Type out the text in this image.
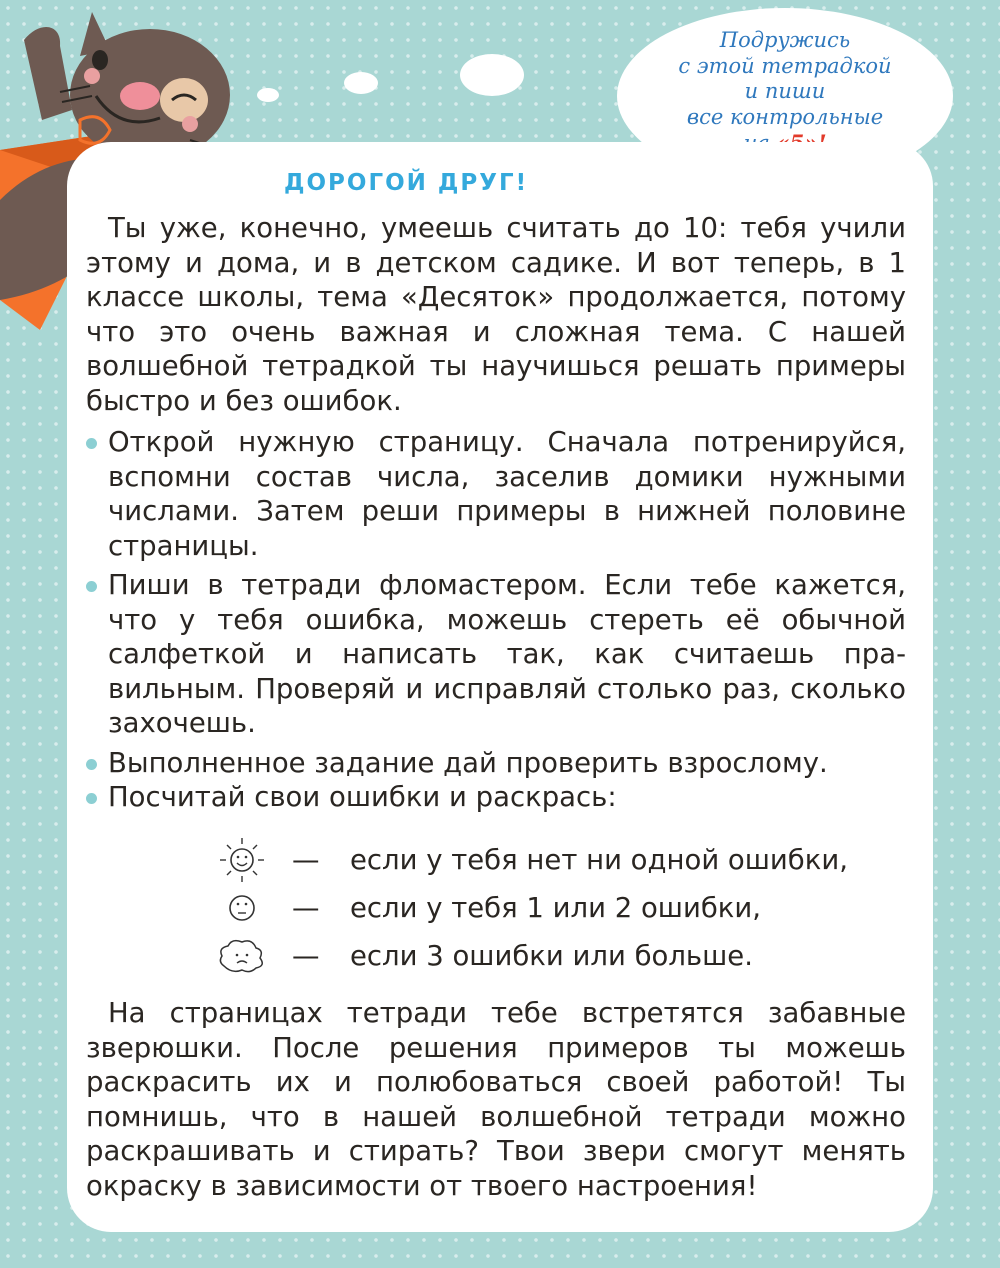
Подружись
с этой тетрадкой
и пиши
все контрольные
ДОРОГОЙ ДРУГ!

Ты уже, конечно, умеешь считать до 10: тебя учили этому и дома, и в детском садике. И вот теперь, в 1 классе школы, тема «Десяток» продолжается, потому что это очень важная и сложная тема. С нашей волшебной тетрадкой ты научишься решать примеры быстро и без ошибок.

Открой нужную страницу. Сначала потренируйся, вспомни состав числа, заселив домики нужными числами. Затем реши примеры в нижней половине страницы.
Пиши в тетради фломастером. Если тебе кажется, что у тебя ошибка, можешь стереть её обычной салфеткой и написать так, как считаешь правильным. Проверяй и исправляй столько раз, сколько захочешь.
Выполненное задание дай проверить взрослому.
Посчитай свои ошибки и раскрась:
— если у тебя нет ни одной ошибки,
— если у тебя 1 или 2 ошибки,
— если 3 ошибки или больше.

На страницах тетради тебе встретятся забавные зверюшки. После решения примеров ты можешь раскрасить их и полюбоваться своей работой! Ты помнишь, что в нашей волшебной тетради можно раскрашивать и стирать? Твои звери смогут менять окраску в зависимости от твоего настроения!
